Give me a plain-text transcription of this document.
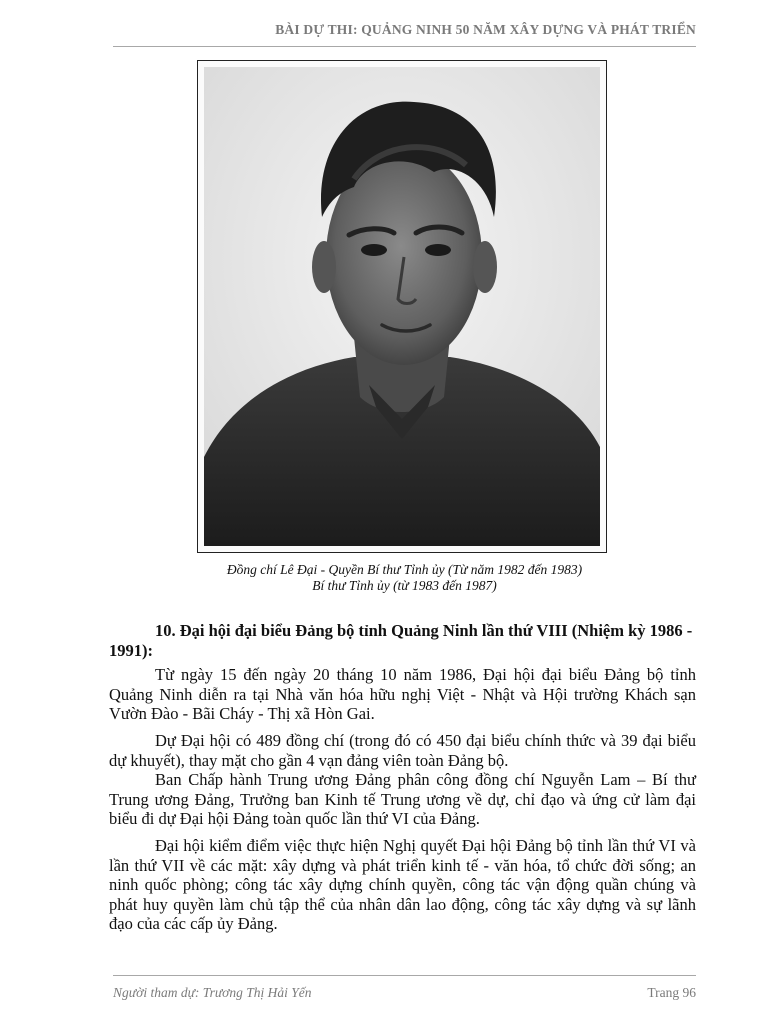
BÀI DỰ THI: QUẢNG NINH 50 NĂM XÂY DỰNG VÀ PHÁT TRIỂN
Đồng chí Lê Đại - Quyền Bí thư Tỉnh ủy (Từ năm 1982 đến 1983)
Bí thư Tỉnh ủy (từ 1983 đến 1987)
10. Đại hội đại biểu Đảng bộ tỉnh Quảng Ninh lần thứ VIII (Nhiệm kỳ 1986 - 1991):

Từ ngày 15 đến ngày 20 tháng 10 năm 1986, Đại hội đại biểu Đảng bộ tỉnh Quảng Ninh diễn ra tại Nhà văn hóa hữu nghị Việt - Nhật và Hội trường Khách sạn Vườn Đào - Bãi Cháy - Thị xã Hòn Gai.

Dự Đại hội có 489 đồng chí (trong đó có 450 đại biểu chính thức và 39 đại biểu dự khuyết), thay mặt cho gần 4 vạn đảng viên toàn Đảng bộ.

Ban Chấp hành Trung ương Đảng phân công đồng chí Nguyễn Lam – Bí thư Trung ương Đảng, Trưởng ban Kinh tế Trung ương về dự, chỉ đạo và ứng cử làm đại biểu đi dự Đại hội Đảng toàn quốc lần thứ VI của Đảng.

Đại hội kiểm điểm việc thực hiện Nghị quyết Đại hội Đảng bộ tỉnh lần thứ VI và lần thứ VII về các mặt: xây dựng và phát triển kinh tế - văn hóa, tổ chức đời sống; an ninh quốc phòng; công tác xây dựng chính quyền, công tác vận động quần chúng và phát huy quyền làm chủ tập thể của nhân dân lao động, công tác xây dựng và sự lãnh đạo của các cấp ủy Đảng.

Người tham dự: Trương Thị Hải Yến	Trang 96
